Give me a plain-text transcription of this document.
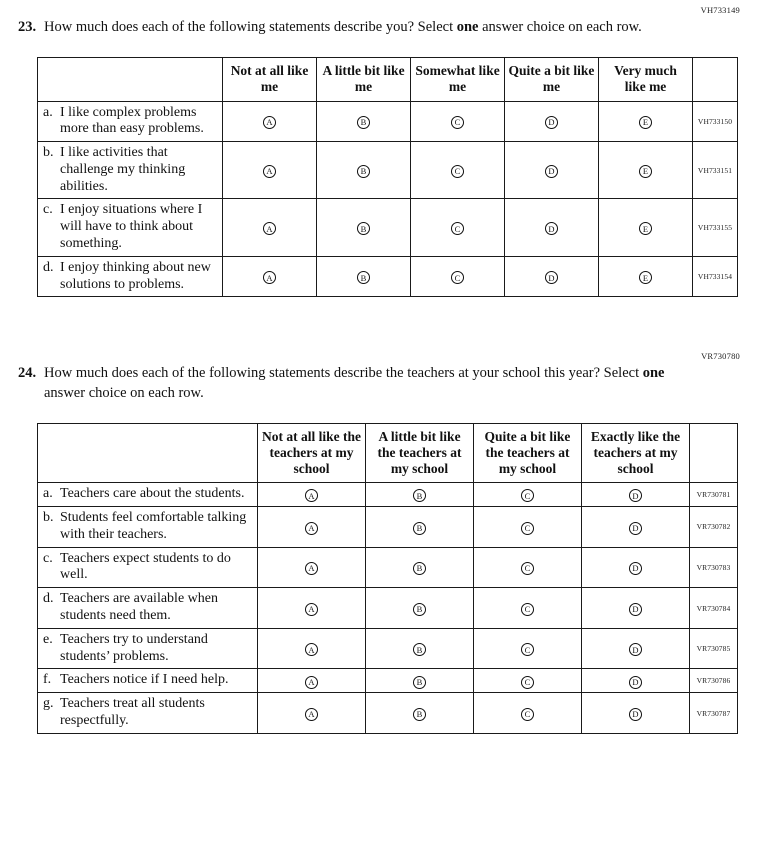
VH733149
23. How much does each of the following statements describe you? Select one answer choice on each row.
	Not at all like me	A little bit like me	Somewhat like me	Quite a bit like me	Very much like me	

a. I like complex problems more than easy problems.	A	B	C	D	E	VH733150

b. I like activities that challenge my thinking abilities.	A	B	C	D	E	VH733151

c. I enjoy situations where I will have to think about something.	A	B	C	D	E	VH733155

d. I enjoy thinking about new solutions to problems.	A	B	C	D	E	VH733154
VR730780
24. How much does each of the following statements describe the teachers at your school this year? Select one answer choice on each row.
	Not at all like the teachers at my school	A little bit like the teachers at my school	Quite a bit like the teachers at my school	Exactly like the teachers at my school	

a. Teachers care about the students.	A	B	C	D	VR730781

b. Students feel comfortable talking with their teachers.	A	B	C	D	VR730782

c. Teachers expect students to do well.	A	B	C	D	VR730783

d. Teachers are available when students need them.	A	B	C	D	VR730784

e. Teachers try to understand students’ problems.	A	B	C	D	VR730785

f. Teachers notice if I need help.	A	B	C	D	VR730786

g. Teachers treat all students respectfully.	A	B	C	D	VR730787
